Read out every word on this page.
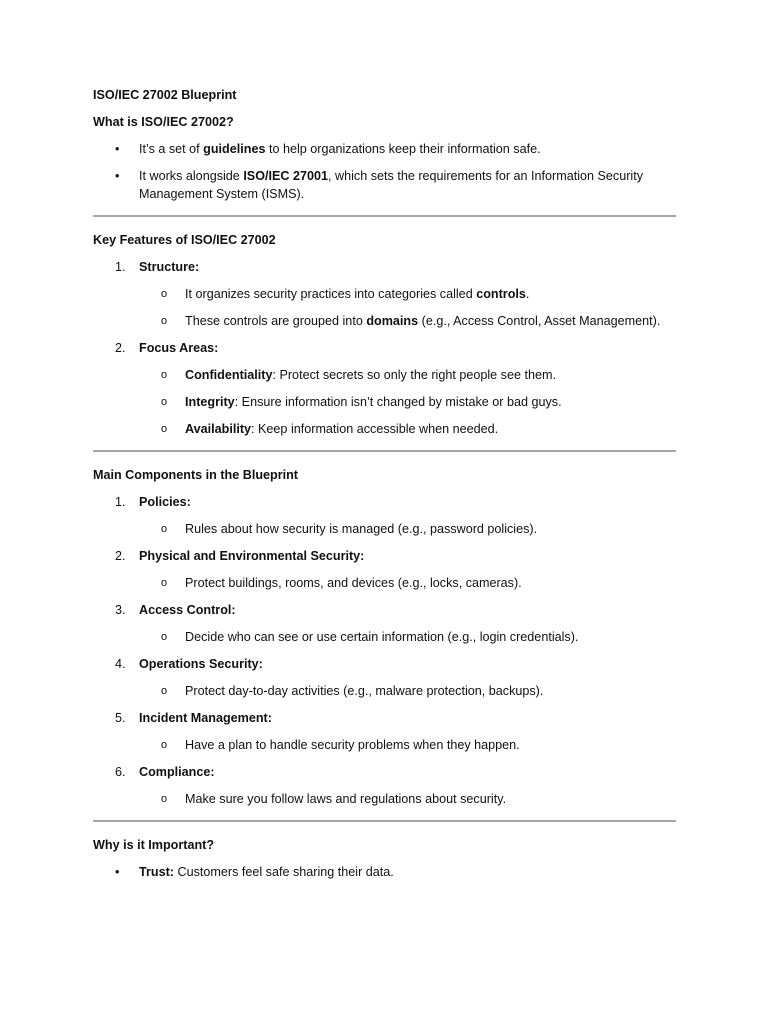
ISO/IEC 27002 Blueprint

What is ISO/IEC 27002?

• It’s a set of guidelines to help organizations keep their information safe.
• It works alongside ISO/IEC 27001, which sets the requirements for an Information Security Management System (ISMS).

Key Features of ISO/IEC 27002

1.	Structure:
o	It organizes security practices into categories called controls.
o	These controls are grouped into domains (e.g., Access Control, Asset Management).
2.	Focus Areas:
o	Confidentiality: Protect secrets so only the right people see them.
o	Integrity: Ensure information isn’t changed by mistake or bad guys.
o	Availability: Keep information accessible when needed.

Main Components in the Blueprint

1.	Policies:
o	Rules about how security is managed (e.g., password policies).
2.	Physical and Environmental Security:
o	Protect buildings, rooms, and devices (e.g., locks, cameras).
3.	Access Control:
o	Decide who can see or use certain information (e.g., login credentials).
4.	Operations Security:
o	Protect day-to-day activities (e.g., malware protection, backups).
5.	Incident Management:
o	Have a plan to handle security problems when they happen.
6.	Compliance:
o	Make sure you follow laws and regulations about security.

Why is it Important?

• Trust: Customers feel safe sharing their data.
